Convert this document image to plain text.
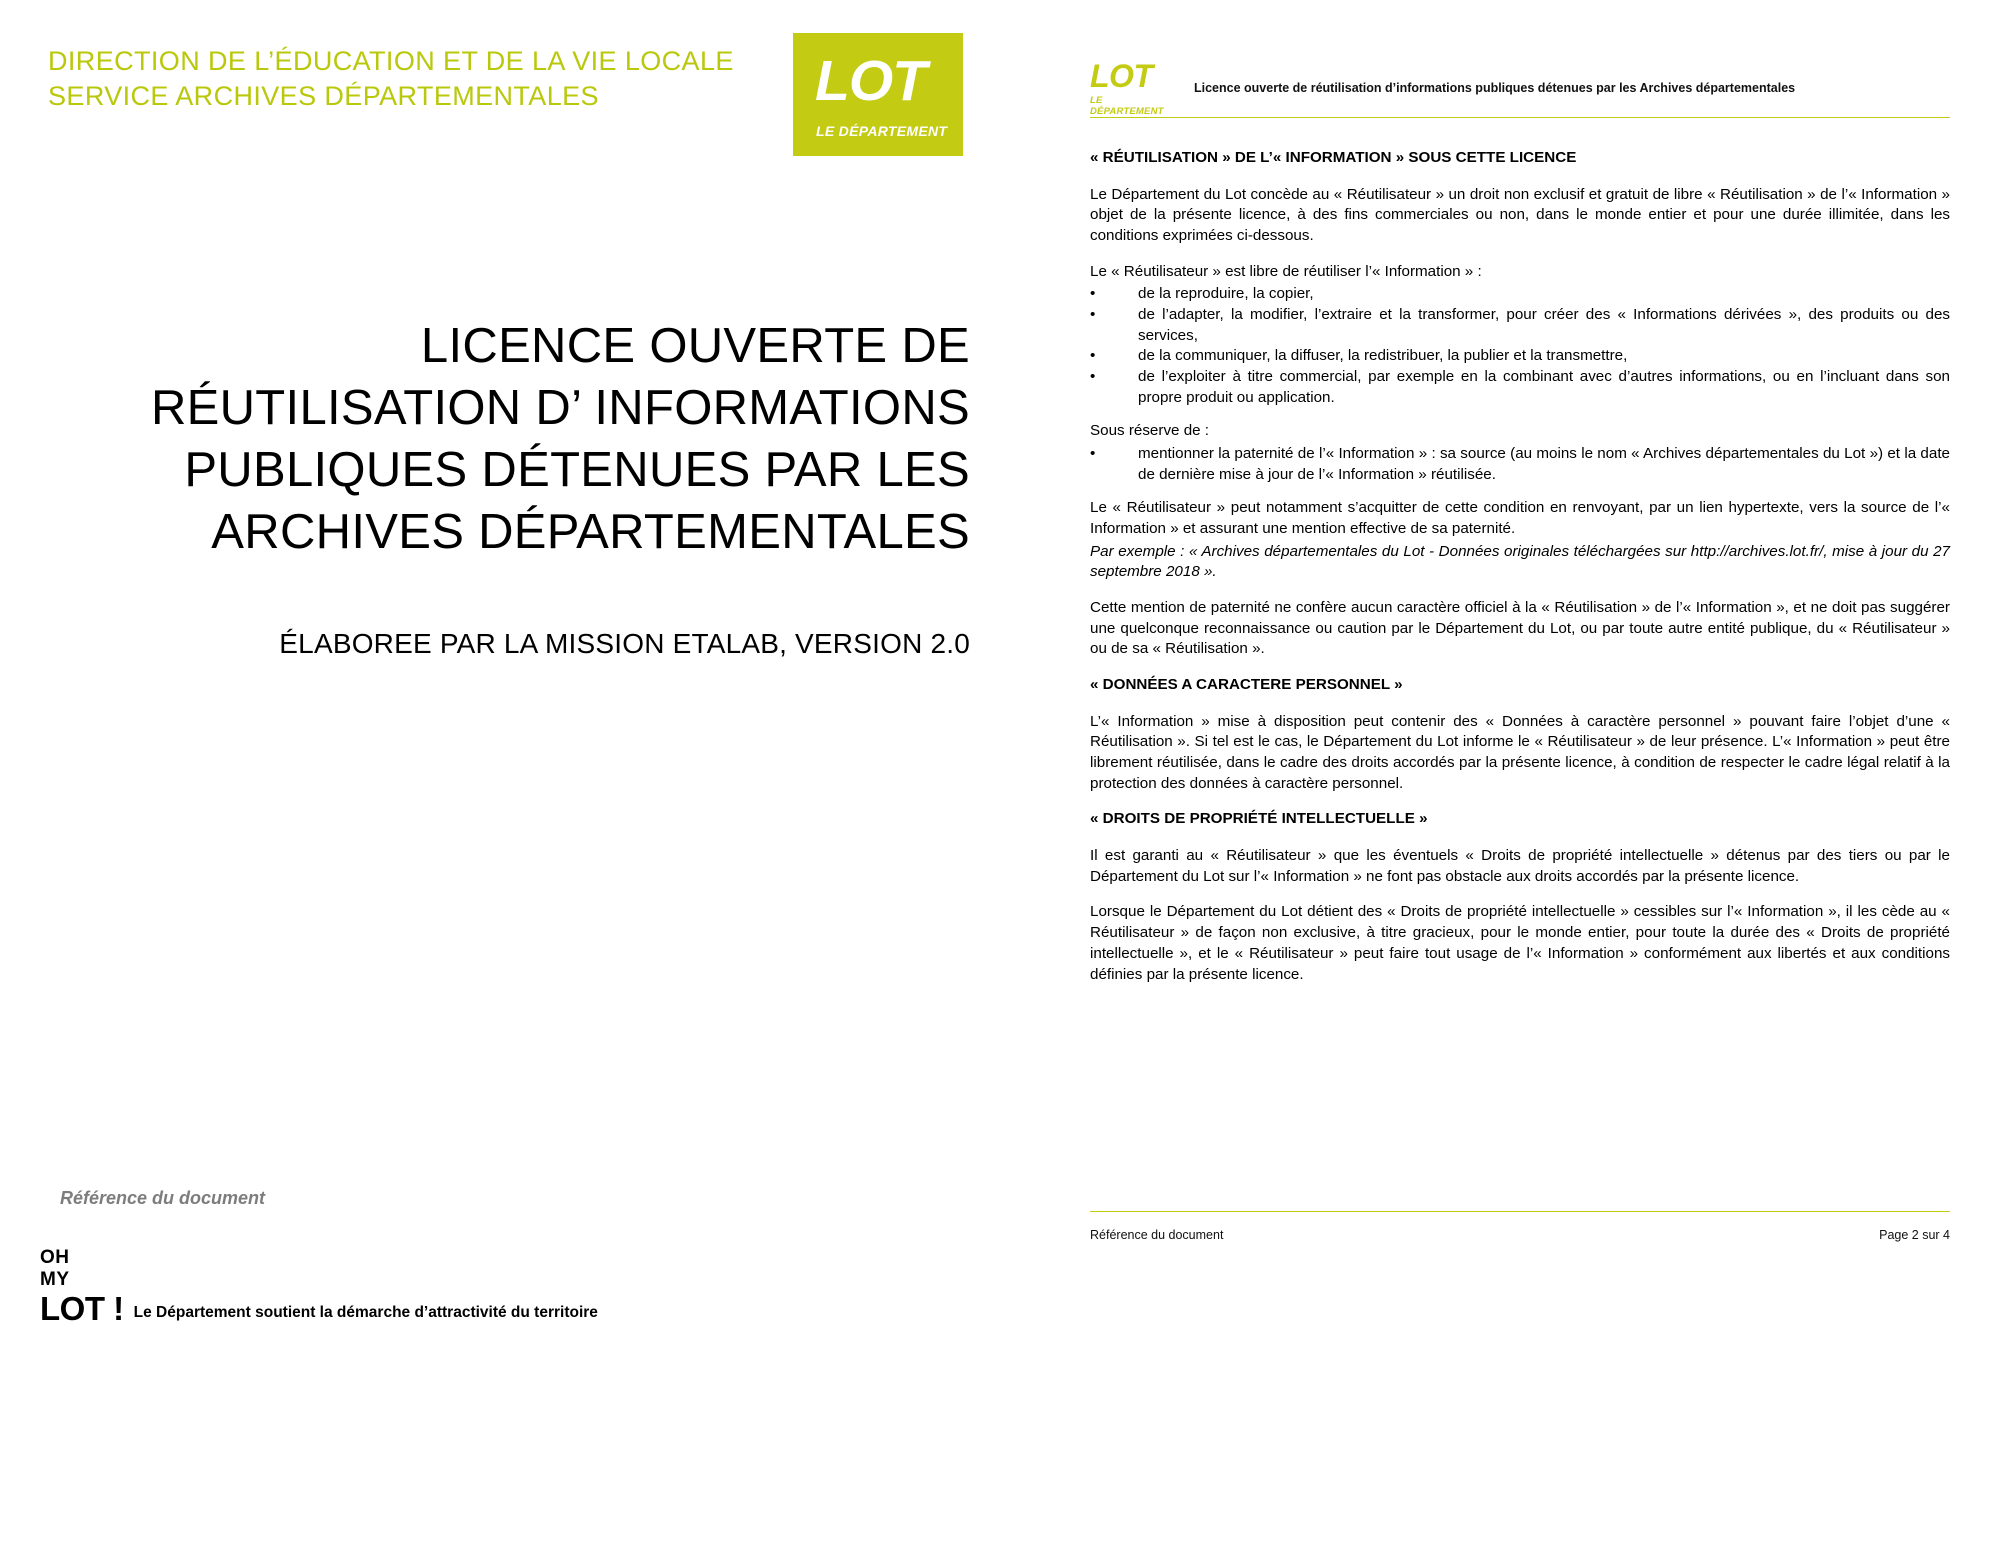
DIRECTION DE L’ÉDUCATION ET DE LA VIE LOCALE
SERVICE ARCHIVES DÉPARTEMENTALES	LOT
LE DÉPARTEMENT
LICENCE OUVERTE DE RÉUTILISATION D’ INFORMATIONS PUBLIQUES DÉTENUES PAR LES ARCHIVES DÉPARTEMENTALES
ÉLABOREE PAR LA MISSION ETALAB, VERSION 2.0
Référence du document
OH
MY
LOT ! Le Département soutient la démarche d’attractivité du territoire
LOT
LE DÉPARTEMENT
Licence ouverte de réutilisation d’informations publiques détenues par les Archives départementales

« RÉUTILISATION » DE L’« INFORMATION » SOUS CETTE LICENCE

Le Département du Lot concède au « Réutilisateur » un droit non exclusif et gratuit de libre « Réutilisation » de l’« Information » objet de la présente licence, à des fins commerciales ou non, dans le monde entier et pour une durée illimitée, dans les conditions exprimées ci-dessous.

Le « Réutilisateur » est libre de réutiliser l’« Information » :

•	de la reproduire, la copier,
•	de l’adapter, la modifier, l’extraire et la transformer, pour créer des « Informations dérivées », des produits ou des services,
•	de la communiquer, la diffuser, la redistribuer, la publier et la transmettre,
•	de l’exploiter à titre commercial, par exemple en la combinant avec d’autres informations, ou en l’incluant dans son propre produit ou application.

Sous réserve de :

•	mentionner la paternité de l’« Information » : sa source (au moins le nom « Archives départementales du Lot ») et la date de dernière mise à jour de l’« Information » réutilisée.

Le « Réutilisateur » peut notamment s’acquitter de cette condition en renvoyant, par un lien hypertexte, vers la source de l’« Information » et assurant une mention effective de sa paternité.

Par exemple : « Archives départementales du Lot - Données originales téléchargées sur http://archives.lot.fr/, mise à jour du 27 septembre 2018 ».

Cette mention de paternité ne confère aucun caractère officiel à la « Réutilisation » de l’« Information », et ne doit pas suggérer une quelconque reconnaissance ou caution par le Département du Lot, ou par toute autre entité publique, du « Réutilisateur » ou de sa « Réutilisation ».

« DONNÉES A CARACTERE PERSONNEL »

L’« Information » mise à disposition peut contenir des « Données à caractère personnel » pouvant faire l’objet d’une « Réutilisation ». Si tel est le cas, le Département du Lot informe le « Réutilisateur » de leur présence. L’« Information » peut être librement réutilisée, dans le cadre des droits accordés par la présente licence, à condition de respecter le cadre légal relatif à la protection des données à caractère personnel.

« DROITS DE PROPRIÉTÉ INTELLECTUELLE »

Il est garanti au « Réutilisateur » que les éventuels « Droits de propriété intellectuelle » détenus par des tiers ou par le Département du Lot sur l’« Information » ne font pas obstacle aux droits accordés par la présente licence.

Lorsque le Département du Lot détient des « Droits de propriété intellectuelle » cessibles sur l’« Information », il les cède au « Réutilisateur » de façon non exclusive, à titre gracieux, pour le monde entier, pour toute la durée des « Droits de propriété intellectuelle », et le « Réutilisateur » peut faire tout usage de l’« Information » conformément aux libertés et aux conditions définies par la présente licence.

Référence du document	Page 2 sur 4
